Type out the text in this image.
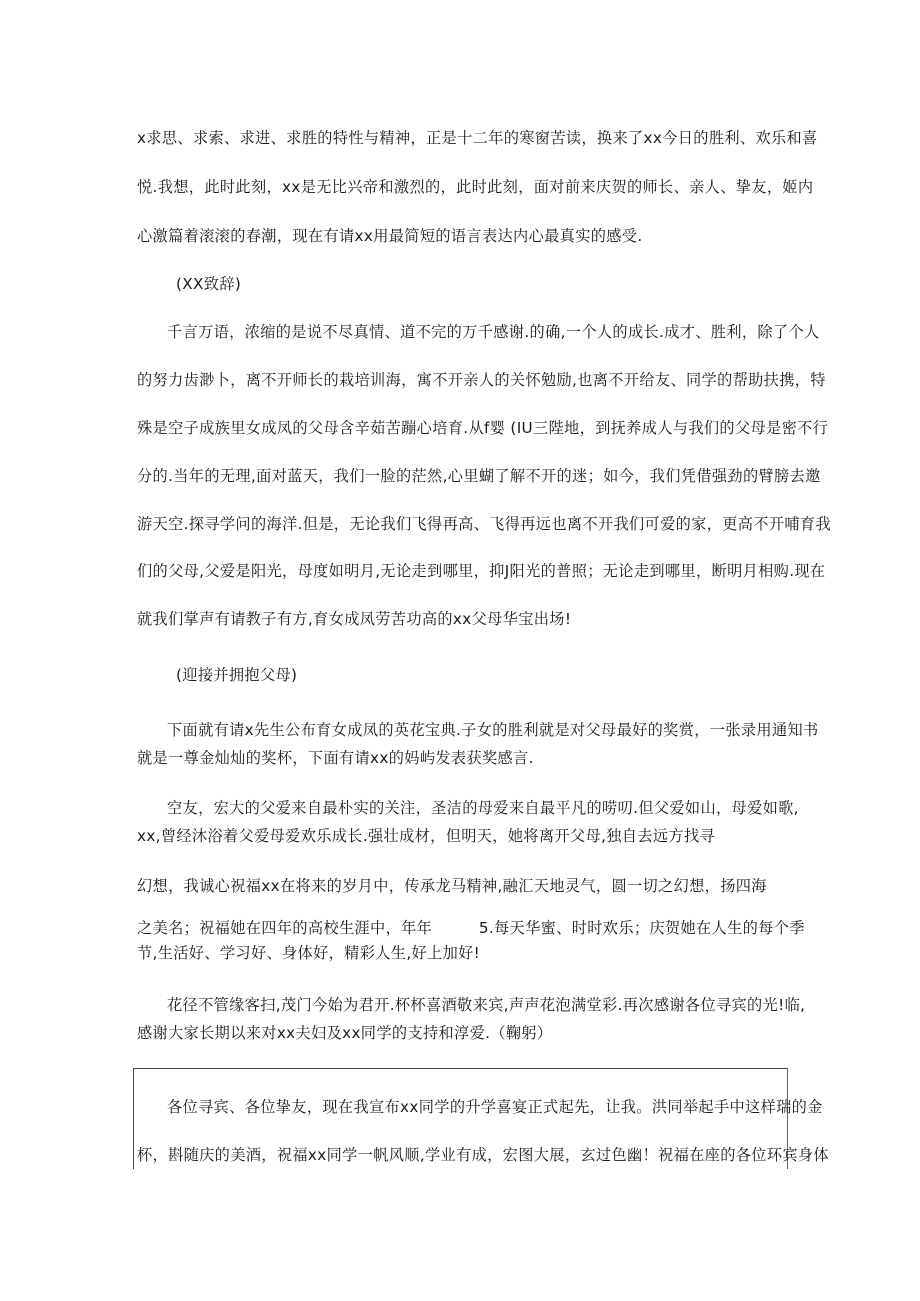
x求思、求索、求进、求胜的特性与精神，正是十二年的寒窗苦读，换来了xx今日的胜利、欢乐和喜
悦.我想，此时此刻，xx是无比兴帝和激烈的，此时此刻，面对前来庆贺的师长、亲人、挚友，姬内
心激篇着滚滚的春潮，现在有请xx用最简短的语言表达内心最真实的感受.
(XX致辞)
千言万语，浓缩的是说不尽真情、道不完的万千感谢.的确,一个人的成长.成才、胜利，除了个人
的努力齿渺卜，离不开师长的栽培训海，寓不开亲人的关怀勉励,也离不开给友、同学的帮助扶携，特
殊是空子成族里女成凤的父母含辛茹苦蹦心培育.从f婴 (IU三陛地，到抚养成人与我们的父母是密不行
分的.当年的无理,面对蓝天，我们一脸的茫然,心里蝴了解不开的迷；如今，我们凭借强劲的臂膀去邀
游天空.探寻学问的海洋.但是，无论我们飞得再高、飞得再远也离不开我们可爱的家，更高不开哺育我
们的父母,父爱是阳光，母度如明月,无论走到哪里，抑J阳光的普照；无论走到哪里，断明月相购.现在
就我们掌声有请教子有方,育女成凤劳苦功高的xx父母华宝出场!
(迎接并拥抱父母)
下面就有请x先生公布育女成凤的英花宝典.子女的胜利就是对父母最好的奖赏，一张录用通知书
就是一尊金灿灿的奖杯，下面有请xx的妈屿发表获奖感言.
空友，宏大的父爱来自最朴实的关注，圣洁的母爱来自最平凡的唠叨.但父爱如山，母爱如歌,
xx,曾经沐浴着父爱母爱欢乐成长.强壮成材，但明天，她将离开父母,独自去远方找寻
幻想，我诚心祝福xx在将来的岁月中，传承龙马精神,融汇天地灵气，圆一切之幻想，扬四海
之美名；祝福她在四年的高校生涯中，年年　　　5.每天华蜜、时时欢乐；庆贺她在人生的每个季
节,生活好、学习好、身体好，精彩人生,好上加好!
花径不管缘客扫,茂门今始为君开.杯杯喜酒敬来宾,声声花泡满堂彩.再次感谢各位寻宾的光!临,
感谢大家长期以来对xx夫妇及xx同学的支持和淳爱.（鞠躬）
各位寻宾、各位挚友，现在我宣布xx同学的升学喜宴正式起先，让我。洪同举起手中这样瑞的金
杯，斟随庆的美酒，祝福xx同学一帆风顺,学业有成，宏图大展，玄过色幽！祝福在座的各位环宾身体
